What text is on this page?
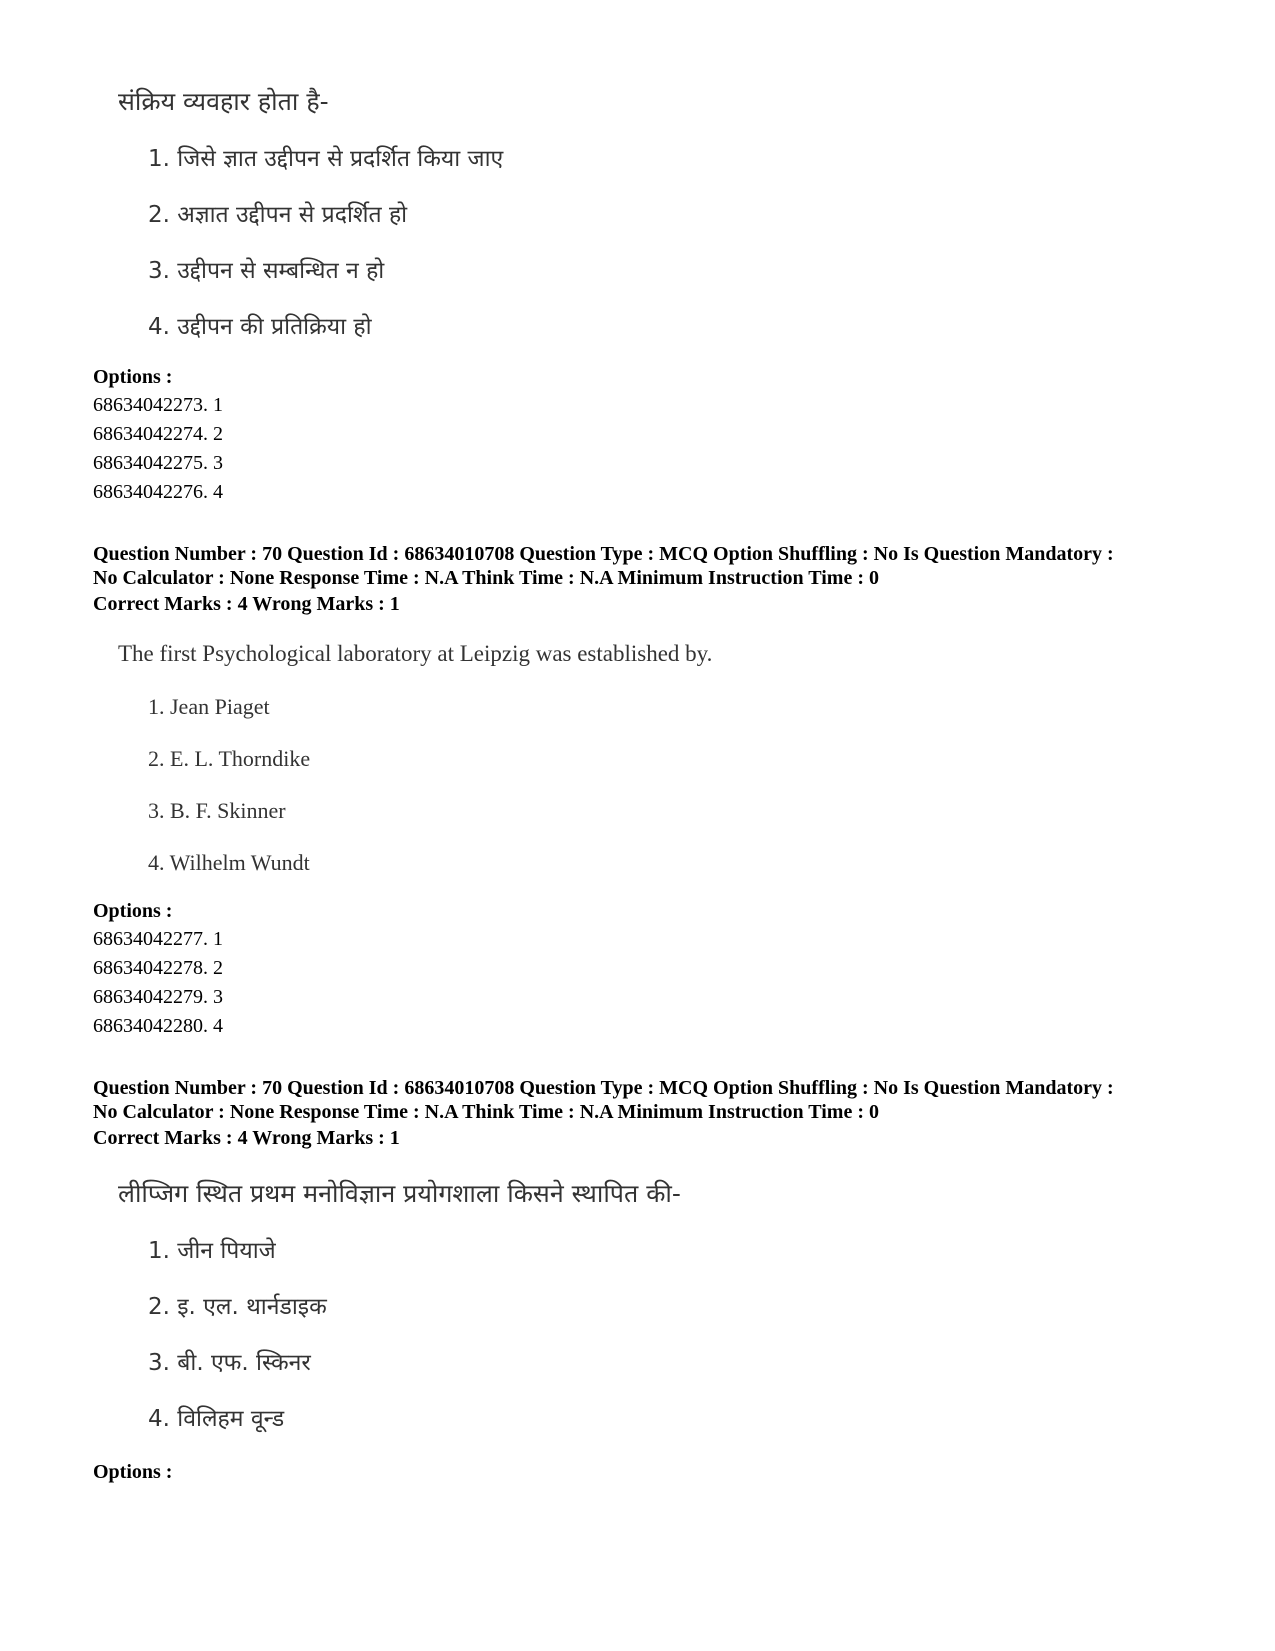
संक्रिय व्यवहार होता है-
1. जिसे ज्ञात उद्दीपन से प्रदर्शित किया जाए
2. अज्ञात उद्दीपन से प्रदर्शित हो
3. उद्दीपन से सम्बन्धित न हो
4. उद्दीपन की प्रतिक्रिया हो
Options :
68634042273. 1
68634042274. 2
68634042275. 3
68634042276. 4
Question Number : 70 Question Id : 68634010708 Question Type : MCQ Option Shuffling : No Is Question Mandatory :
No Calculator : None Response Time : N.A Think Time : N.A Minimum Instruction Time : 0
Correct Marks : 4 Wrong Marks : 1
The first Psychological laboratory at Leipzig was established by.
1. Jean Piaget
2. E. L. Thorndike
3. B. F. Skinner
4. Wilhelm Wundt
Options :
68634042277. 1
68634042278. 2
68634042279. 3
68634042280. 4
Question Number : 70 Question Id : 68634010708 Question Type : MCQ Option Shuffling : No Is Question Mandatory :
No Calculator : None Response Time : N.A Think Time : N.A Minimum Instruction Time : 0
Correct Marks : 4 Wrong Marks : 1
लीप्जिग स्थित प्रथम मनोविज्ञान प्रयोगशाला किसने स्थापित की-
1. जीन पियाजे
2. इ. एल. थार्नडाइक
3. बी. एफ. स्किनर
4. विलिहम वून्ड
Options :
